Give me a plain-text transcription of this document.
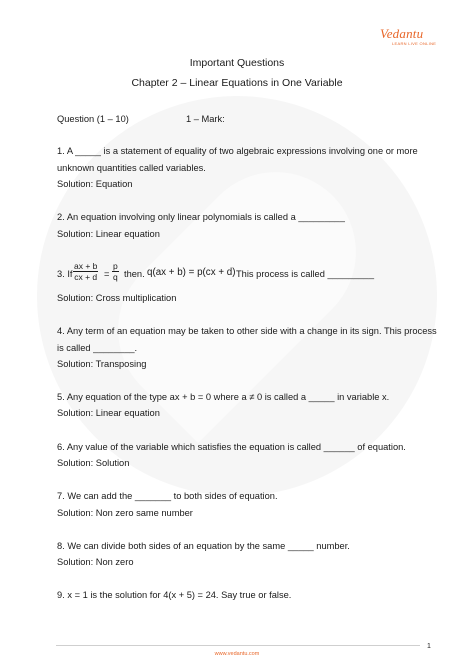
Vedantu
LEARN LIVE ONLINE
Important Questions
Chapter 2 – Linear Equations in One Variable
Question (1 – 10)	1 – Mark:
1. A _____ is a statement of equality of two algebraic expressions involving one or more
unknown quantities called variables.
Solution: Equation
2. An equation involving only linear polynomials is called a _________
Solution: Linear equation
3. If $\frac{ax + b}{cx + d} = \frac{p}{q}$ then. q(ax + b) = p(cx + d) This process is called _________
Solution: Cross multiplication
4. Any term of an equation may be taken to other side with a change in its sign. This process
is called ________.
Solution: Transposing
5. Any equation of the type ax + b = 0 where a ≠ 0 is called a _____ in variable x.
Solution: Linear equation
6. Any value of the variable which satisfies the equation is called ______ of equation.
Solution: Solution
7. We can add the _______ to both sides of equation.
Solution: Non zero same number
8. We can divide both sides of an equation by the same _____ number.
Solution: Non zero
9. x = 1 is the solution for 4(x + 5) = 24. Say true or false.
www.vedantu.com
1
